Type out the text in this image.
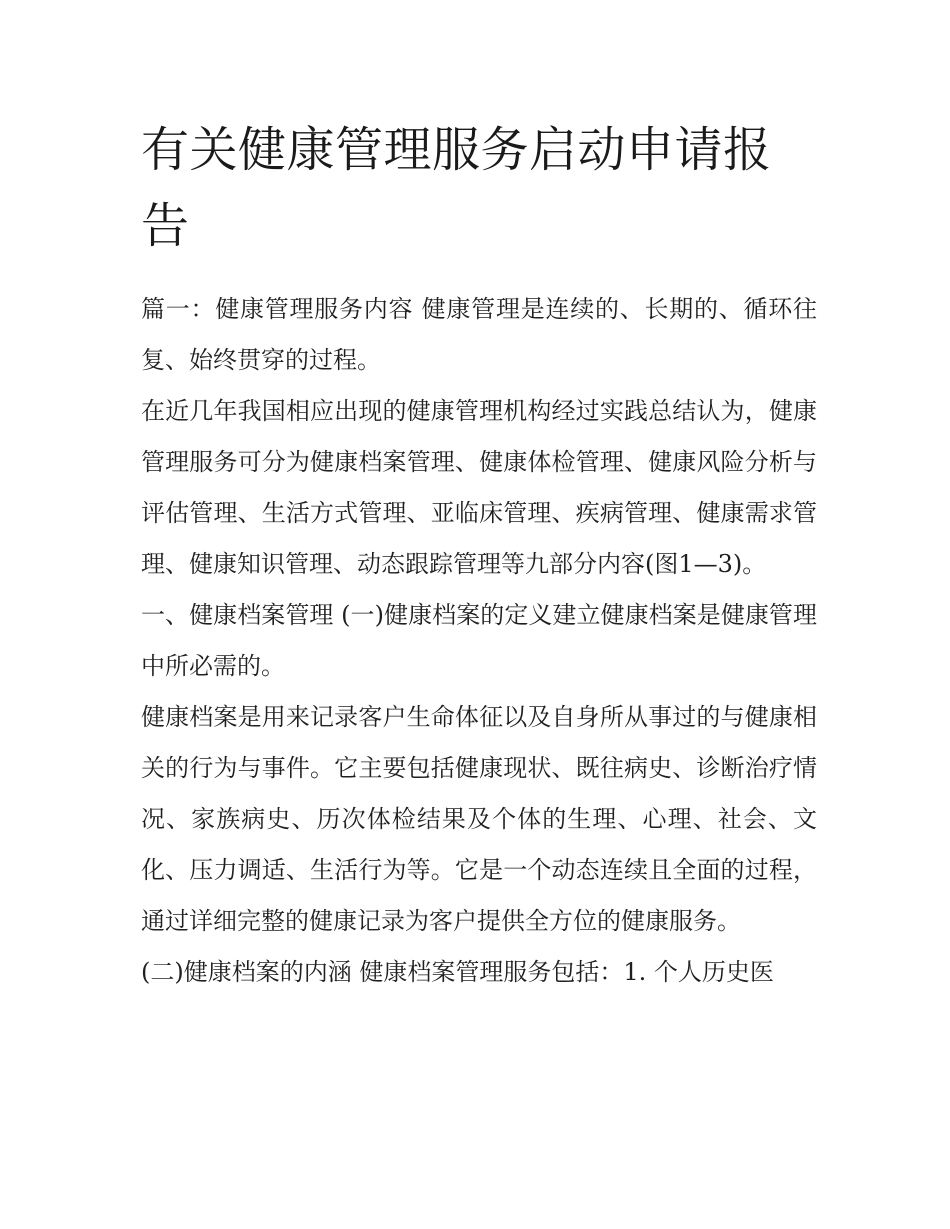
有关健康管理服务启动申请报告

篇一：健康管理服务内容 健康管理是连续的、长期的、循环往复、始终贯穿的过程。

在近几年我国相应出现的健康管理机构经过实践总结认为，健康管理服务可分为健康档案管理、健康体检管理、健康风险分析与评估管理、生活方式管理、亚临床管理、疾病管理、健康需求管理、健康知识管理、动态跟踪管理等九部分内容(图1—3)。

一、健康档案管理 (一)健康档案的定义建立健康档案是健康管理中所必需的。

健康档案是用来记录客户生命体征以及自身所从事过的与健康相关的行为与事件。它主要包括健康现状、既往病史、诊断治疗情况、家族病史、历次体检结果及个体的生理、心理、社会、文化、压力调适、生活行为等。它是一个动态连续且全面的过程，通过详细完整的健康记录为客户提供全方位的健康服务。

(二)健康档案的内涵 健康档案管理服务包括：1. 个人历史医
